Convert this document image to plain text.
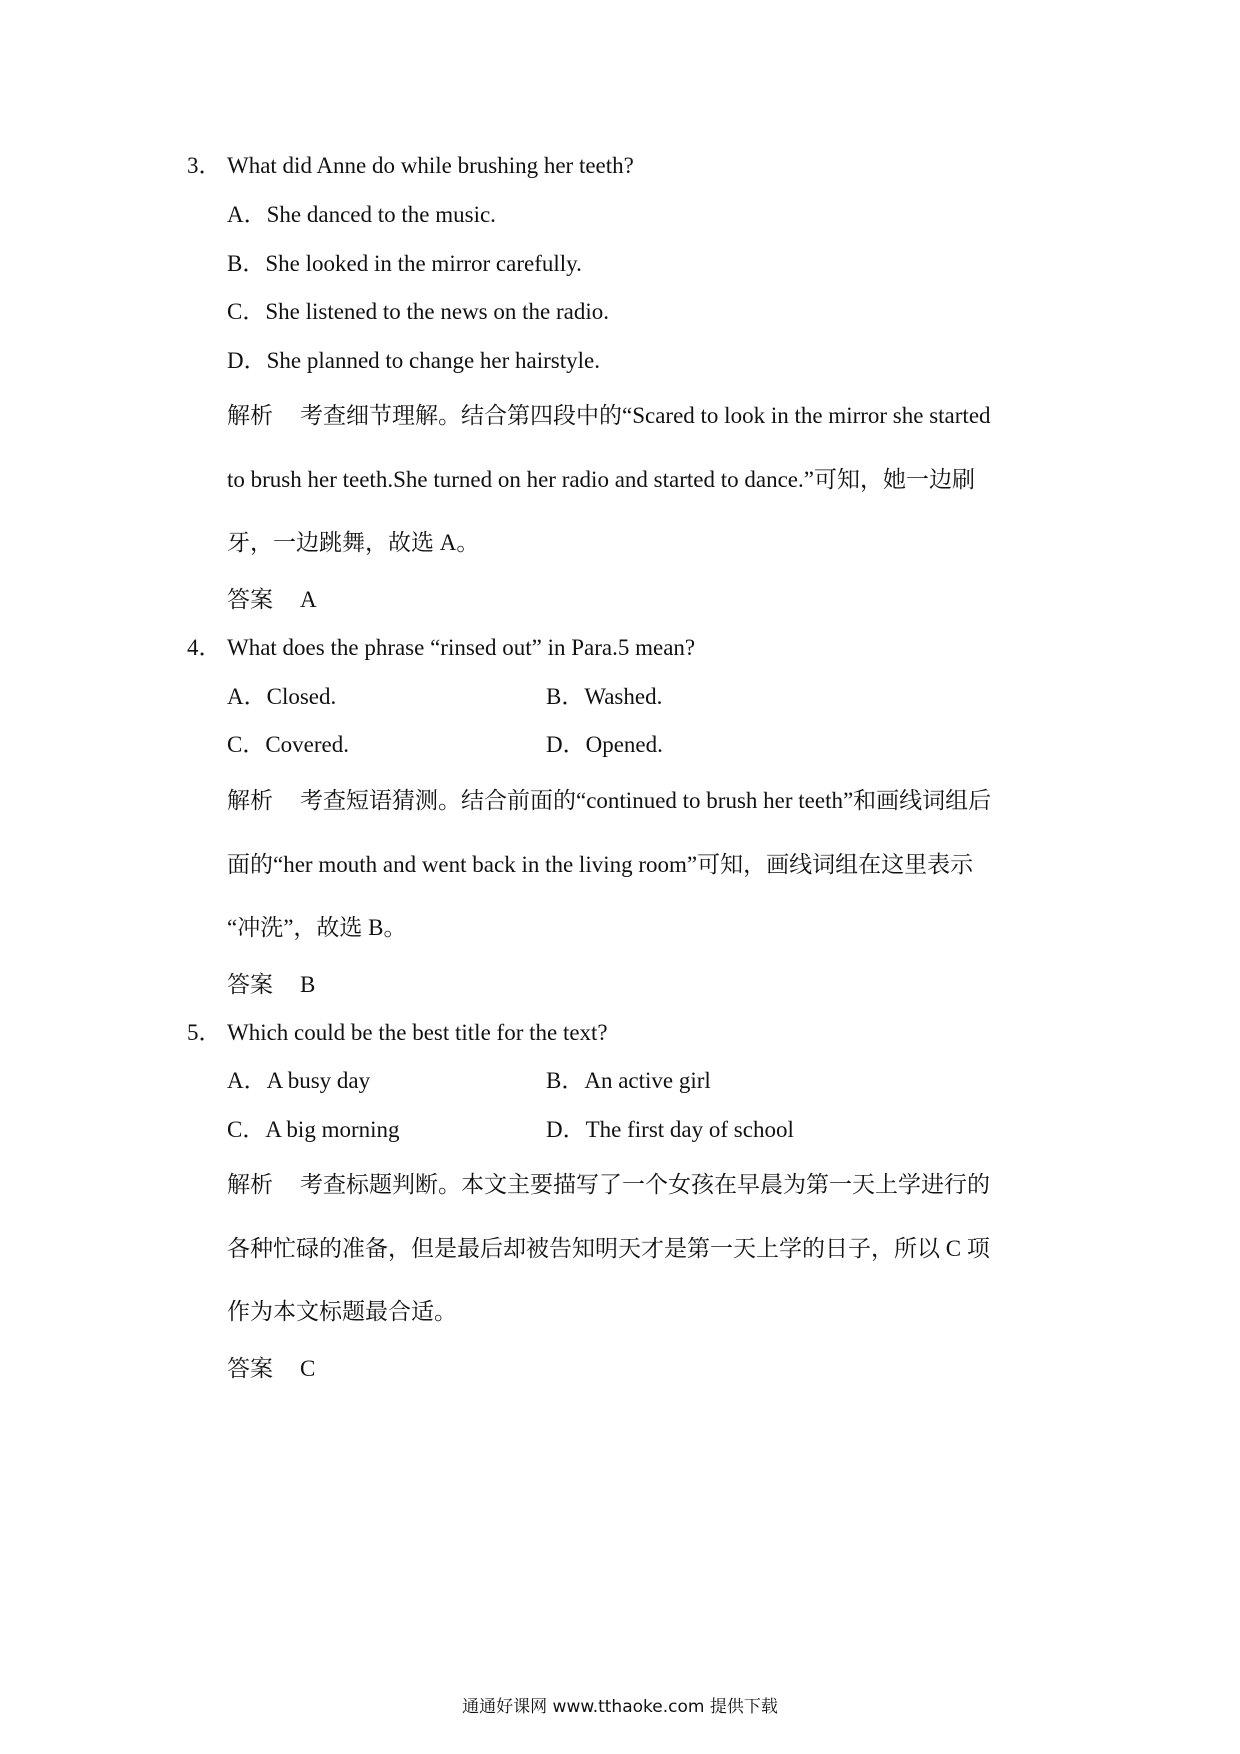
3． What did Anne do while brushing her teeth?
A．She danced to the music.
B．She looked in the mirror carefully.
C．She listened to the news on the radio.
D．She planned to change her hairstyle.
解析 考查细节理解。结合第四段中的“Scared to look in the mirror she started
to brush her teeth.She turned on her radio and started to dance.”可知，她一边刷
牙，一边跳舞，故选 A。
答案 A
4． What does the phrase “rinsed out” in Para.5 mean?
A．Closed.	B．Washed.
C．Covered.	D．Opened.
解析 考查短语猜测。结合前面的“continued to brush her teeth”和画线词组后
面的“her mouth and went back in the living room”可知，画线词组在这里表示
“冲洗”，故选 B。
答案 B
5． Which could be the best title for the text?
A．A busy day	B．An active girl
C．A big morning	D．The first day of school
解析 考查标题判断。本文主要描写了一个女孩在早晨为第一天上学进行的
各种忙碌的准备，但是最后却被告知明天才是第一天上学的日子，所以 C 项
作为本文标题最合适。
答案 C
通通好课网 www.tthaoke.com 提供下载
